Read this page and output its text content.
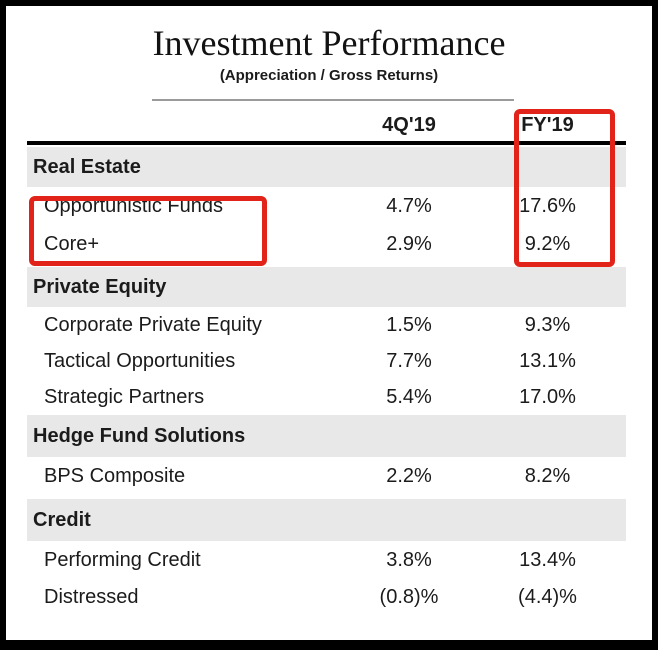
Investment Performance
(Appreciation / Gross Returns)
4Q'19	FY'19
Real Estate
Opportunistic Funds	4.7%	17.6%
Core+	2.9%	9.2%
Private Equity
Corporate Private Equity	1.5%	9.3%
Tactical Opportunities	7.7%	13.1%
Strategic Partners	5.4%	17.0%
Hedge Fund Solutions
BPS Composite	2.2%	8.2%
Credit
Performing Credit	3.8%	13.4%
Distressed	(0.8)%	(4.4)%
